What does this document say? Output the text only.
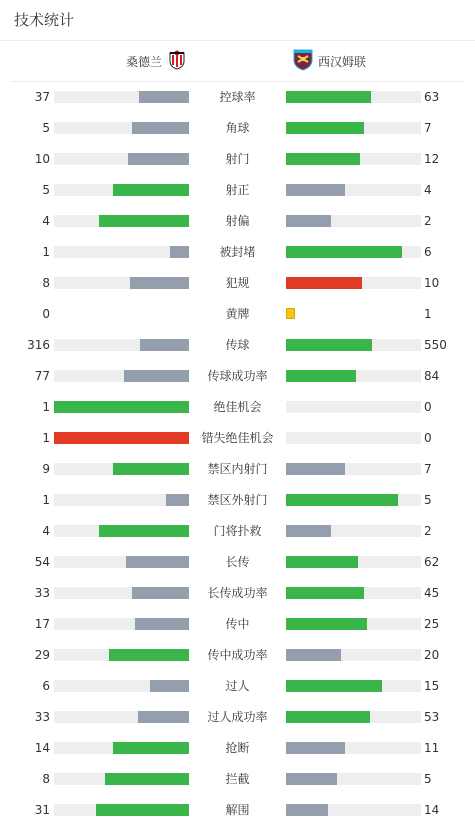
技术统计
桑德兰	西汉姆联
37	控球率	63
5	角球	7
10	射门	12
5	射正	4
4	射偏	2
1	被封堵	6
8	犯规	10
0	黄牌	1
316	传球	550
77	传球成功率	84
1	绝佳机会	0
1	错失绝佳机会	0
9	禁区内射门	7
1	禁区外射门	5
4	门将扑救	2
54	长传	62
33	长传成功率	45
17	传中	25
29	传中成功率	20
6	过人	15
33	过人成功率	53
14	抢断	11
8	拦截	5
31	解围	14
